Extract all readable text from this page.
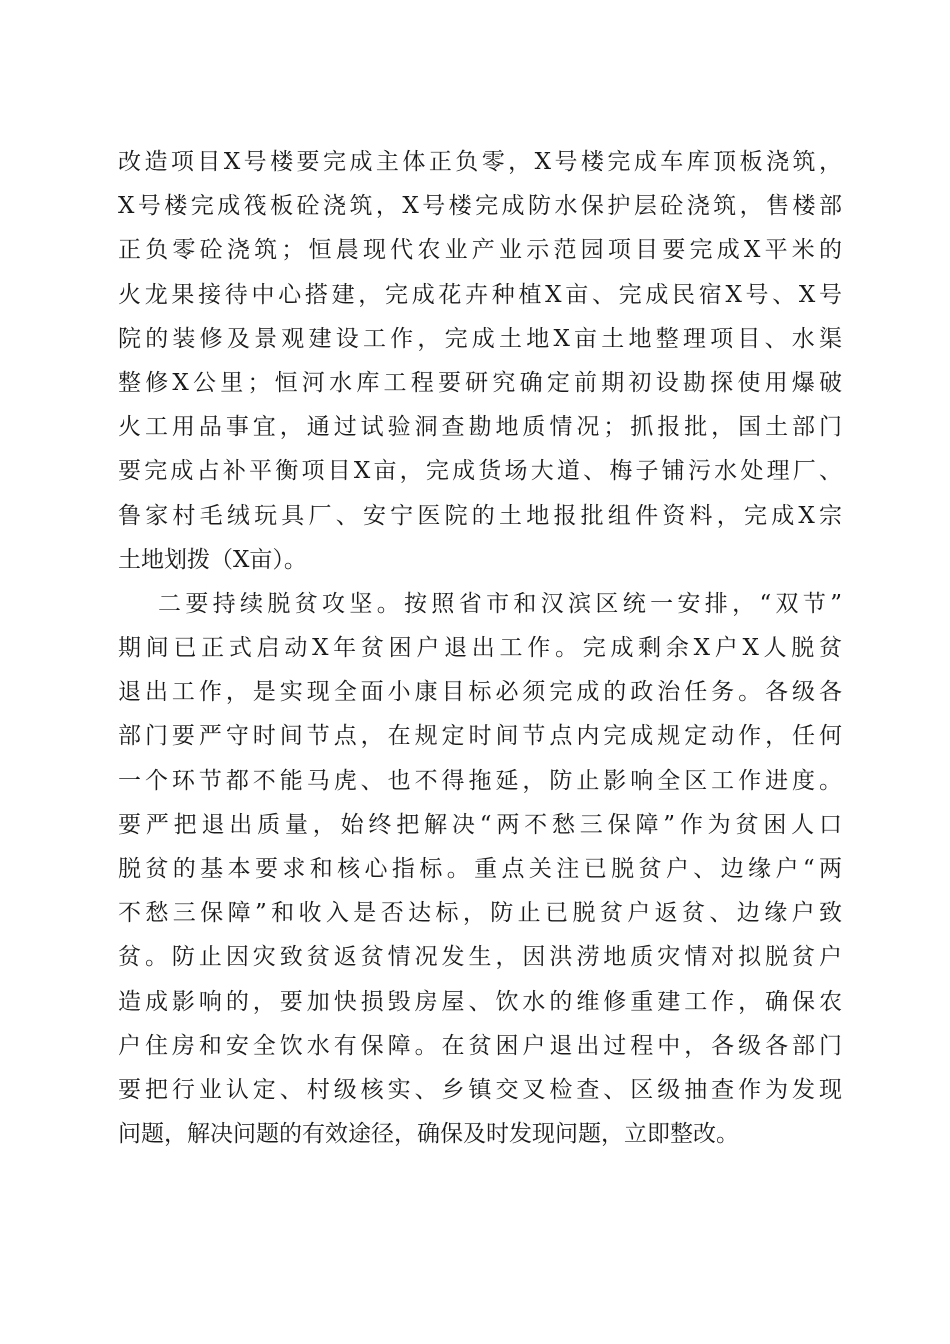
改造项目X号楼要完成主体正负零，X号楼完成车库顶板浇筑，
X号楼完成筏板砼浇筑，X号楼完成防水保护层砼浇筑，售楼部
正负零砼浇筑；恒晨现代农业产业示范园项目要完成X平米的
火龙果接待中心搭建，完成花卉种植X亩、完成民宿X号、X号
院的装修及景观建设工作，完成土地X亩土地整理项目、水渠
整修X公里；恒河水库工程要研究确定前期初设勘探使用爆破
火工用品事宜，通过试验洞查勘地质情况；抓报批，国土部门
要完成占补平衡项目X亩，完成货场大道、梅子铺污水处理厂、
鲁家村毛绒玩具厂、安宁医院的土地报批组件资料，完成X宗
土地划拨（X亩）。
二要持续脱贫攻坚。按照省市和汉滨区统一安排，“双节”
期间已正式启动X年贫困户退出工作。完成剩余X户X人脱贫
退出工作，是实现全面小康目标必须完成的政治任务。各级各
部门要严守时间节点，在规定时间节点内完成规定动作，任何
一个环节都不能马虎、也不得拖延，防止影响全区工作进度。
要严把退出质量，始终把解决“两不愁三保障”作为贫困人口
脱贫的基本要求和核心指标。重点关注已脱贫户、边缘户“两
不愁三保障”和收入是否达标，防止已脱贫户返贫、边缘户致
贫。防止因灾致贫返贫情况发生，因洪涝地质灾情对拟脱贫户
造成影响的，要加快损毁房屋、饮水的维修重建工作，确保农
户住房和安全饮水有保障。在贫困户退出过程中，各级各部门
要把行业认定、村级核实、乡镇交叉检查、区级抽查作为发现
问题，解决问题的有效途径，确保及时发现问题，立即整改。
